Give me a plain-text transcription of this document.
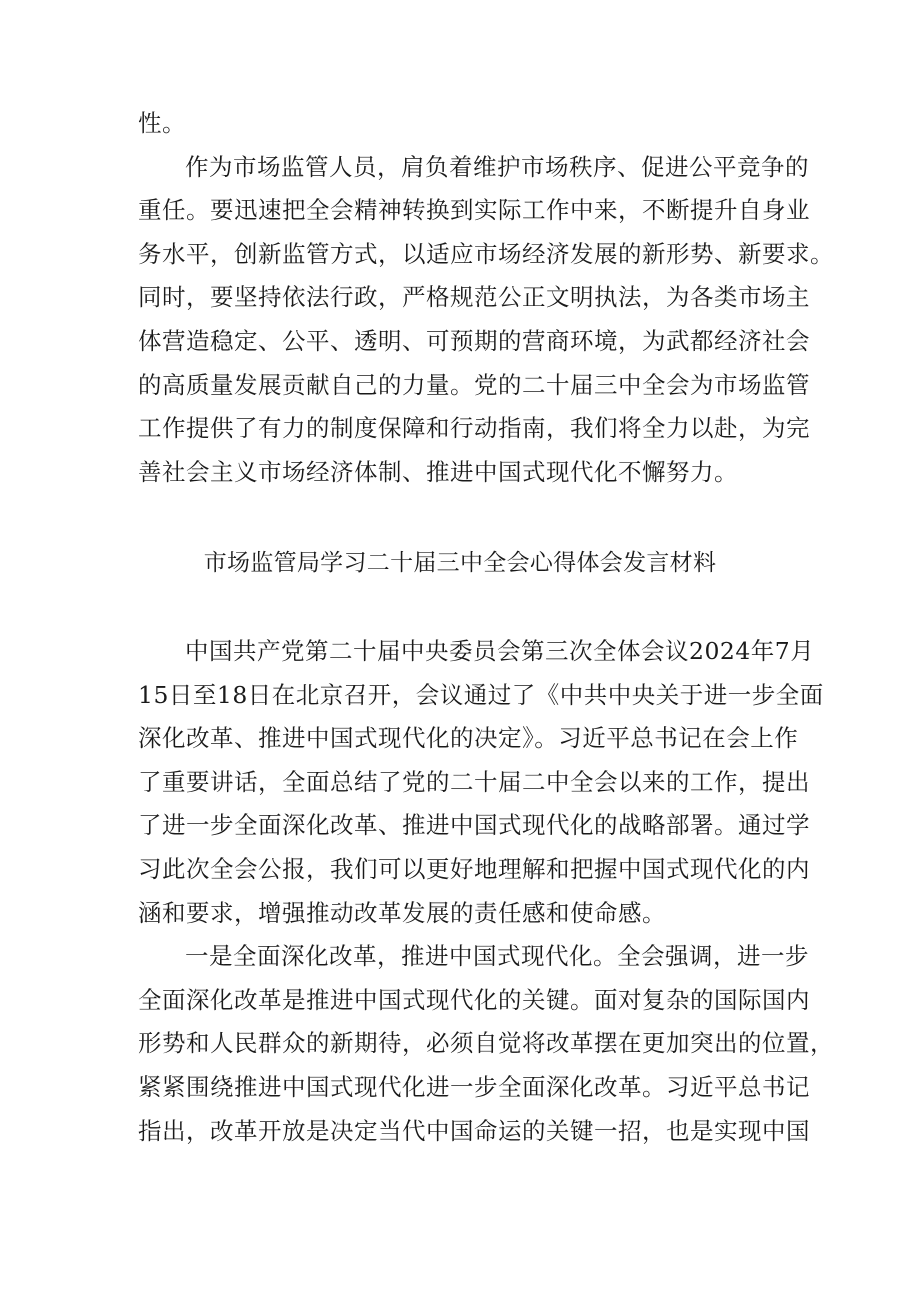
性。
作为市场监管人员，肩负着维护市场秩序、促进公平竞争的
重任。要迅速把全会精神转换到实际工作中来，不断提升自身业
务水平，创新监管方式，以适应市场经济发展的新形势、新要求。
同时，要坚持依法行政，严格规范公正文明执法，为各类市场主
体营造稳定、公平、透明、可预期的营商环境，为武都经济社会
的高质量发展贡献自己的力量。党的二十届三中全会为市场监管
工作提供了有力的制度保障和行动指南，我们将全力以赴，为完
善社会主义市场经济体制、推进中国式现代化不懈努力。
市场监管局学习二十届三中全会心得体会发言材料
中国共产党第二十届中央委员会第三次全体会议2024年7月
15日至18日在北京召开，会议通过了《中共中央关于进一步全面
深化改革、推进中国式现代化的决定》。习近平总书记在会上作
了重要讲话，全面总结了党的二十届二中全会以来的工作，提出
了进一步全面深化改革、推进中国式现代化的战略部署。通过学
习此次全会公报，我们可以更好地理解和把握中国式现代化的内
涵和要求，增强推动改革发展的责任感和使命感。
一是全面深化改革，推进中国式现代化。全会强调，进一步
全面深化改革是推进中国式现代化的关键。面对复杂的国际国内
形势和人民群众的新期待，必须自觉将改革摆在更加突出的位置，
紧紧围绕推进中国式现代化进一步全面深化改革。习近平总书记
指出，改革开放是决定当代中国命运的关键一招，也是实现中国
